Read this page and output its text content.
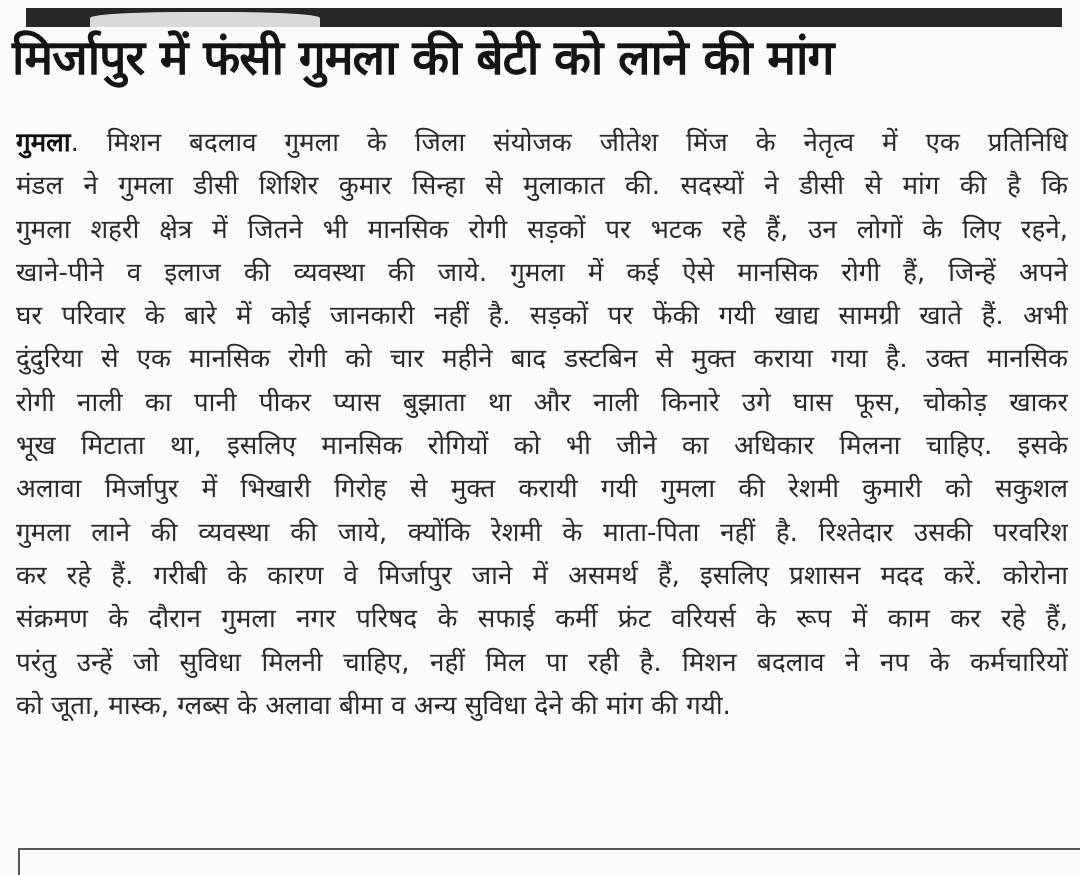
मिर्जापुर में फंसी गुमला की बेटी को लाने की मांग
गुमला. मिशन बदलाव गुमला के जिला संयोजक जीतेश मिंज के नेतृत्व में एक प्रतिनिधि
मंडल ने गुमला डीसी शिशिर कुमार सिन्हा से मुलाकात की. सदस्यों ने डीसी से मांग की है कि
गुमला शहरी क्षेत्र में जितने भी मानसिक रोगी सड़कों पर भटक रहे हैं, उन लोगों के लिए रहने,
खाने-पीने व इलाज की व्यवस्था की जाये. गुमला में कई ऐसे मानसिक रोगी हैं, जिन्हें अपने
घर परिवार के बारे में कोई जानकारी नहीं है. सड़कों पर फेंकी गयी खाद्य सामग्री खाते हैं. अभी
दुंदुरिया से एक मानसिक रोगी को चार महीने बाद डस्टबिन से मुक्त कराया गया है. उक्त मानसिक
रोगी नाली का पानी पीकर प्यास बुझाता था और नाली किनारे उगे घास फूस, चोकोड़ खाकर
भूख मिटाता था, इसलिए मानसिक रोगियों को भी जीने का अधिकार मिलना चाहिए. इसके
अलावा मिर्जापुर में भिखारी गिरोह से मुक्त करायी गयी गुमला की रेशमी कुमारी को सकुशल
गुमला लाने की व्यवस्था की जाये, क्योंकि रेशमी के माता-पिता नहीं है. रिश्तेदार उसकी परवरिश
कर रहे हैं. गरीबी के कारण वे मिर्जापुर जाने में असमर्थ हैं, इसलिए प्रशासन मदद करें. कोरोना
संक्रमण के दौरान गुमला नगर परिषद के सफाई कर्मी फ्रंट वरियर्स के रूप में काम कर रहे हैं,
परंतु उन्हें जो सुविधा मिलनी चाहिए, नहीं मिल पा रही है. मिशन बदलाव ने नप के कर्मचारियों
को जूता, मास्क, ग्लब्स के अलावा बीमा व अन्य सुविधा देने की मांग की गयी.
